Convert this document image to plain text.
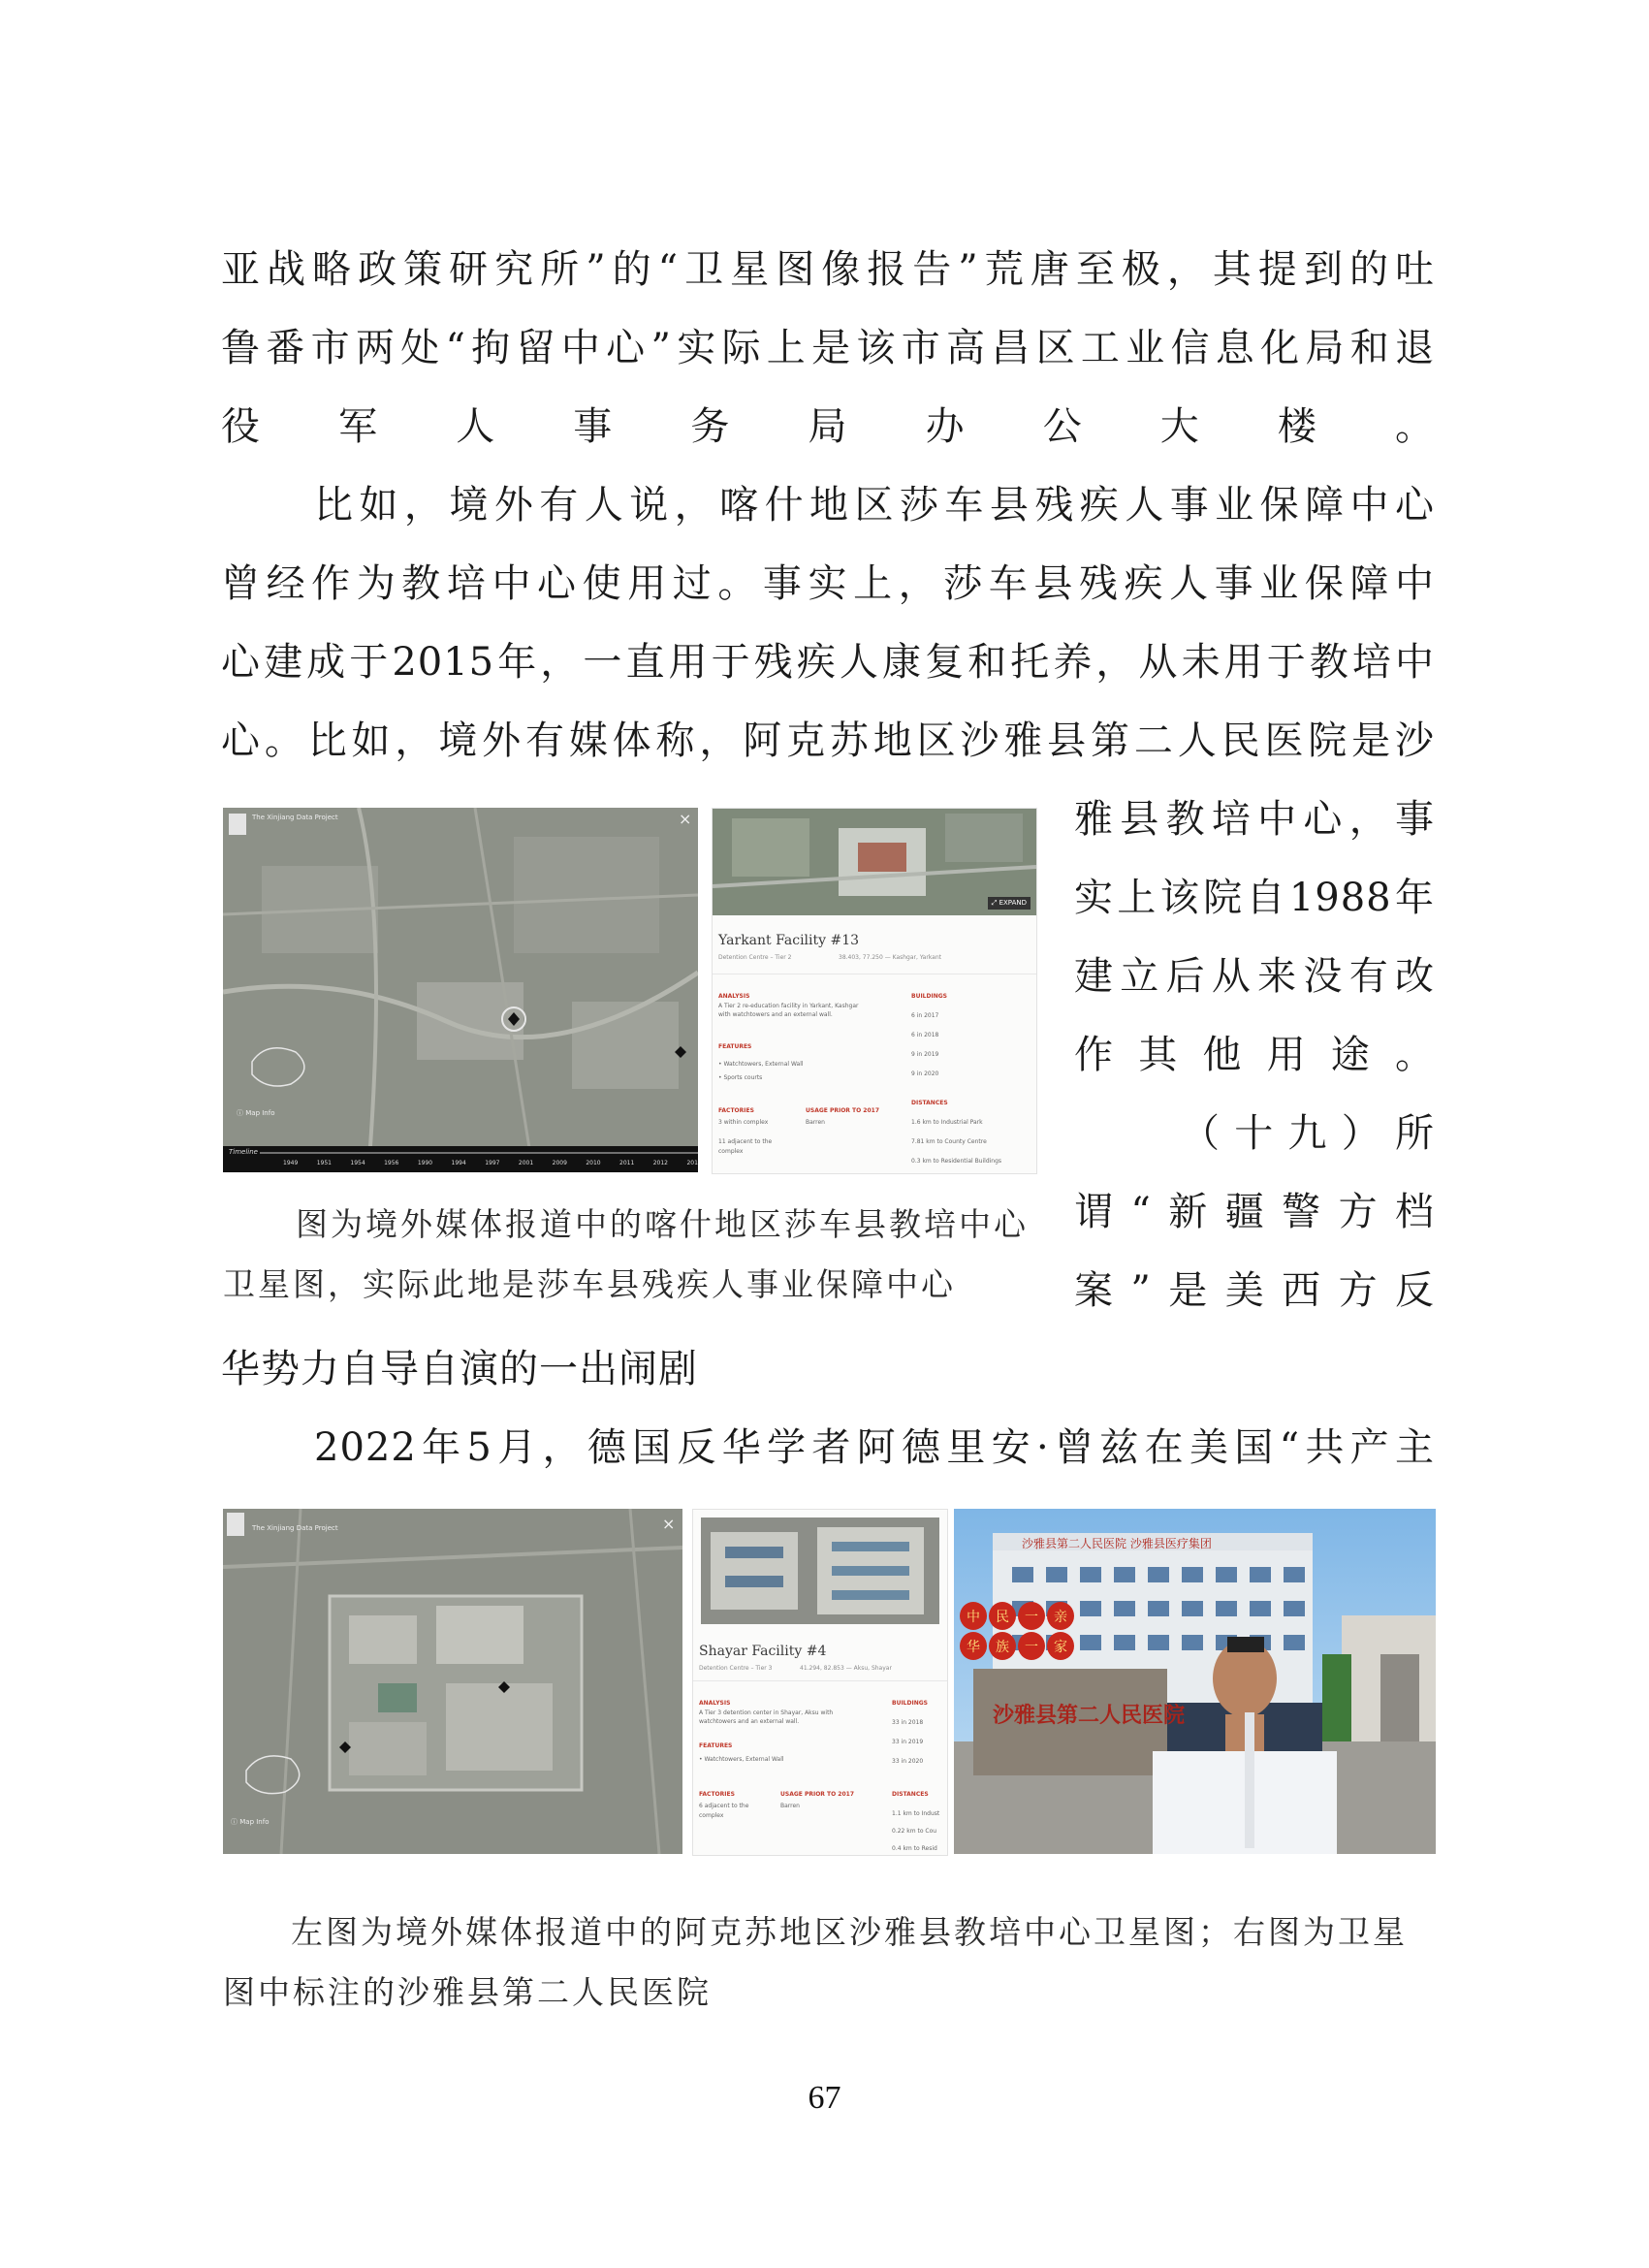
亚战略政策研究所”的“卫星图像报告”荒唐至极，其提到的吐
鲁番市两处“拘留中心”实际上是该市高昌区工业信息化局和退
役军人事务局办公大楼。
比如，境外有人说，喀什地区莎车县残疾人事业保障中心
曾经作为教培中心使用过。事实上，莎车县残疾人事业保障中
心建成于2015年，一直用于残疾人康复和托养，从未用于教培中
心。比如，境外有媒体称，阿克苏地区沙雅县第二人民医院是沙
雅县教培中心，事
实上该院自1988年
建立后从来没有改
作其他用途。
（十九）所
谓“新疆警方档
案”是美西方反
The Xinjiang Data Project	×
ⓘ Map Info
Timeline
1949	1951	1954	1956	1990	1994	1997	2001	2009	2010	2011	2012	201
⤢ EXPAND
Yarkant Facility #13
Detention Centre – Tier 2	38.403, 77.250 — Kashgar, Yarkant
ANALYSIS
A Tier 2 re-education facility in Yarkant, Kashgar
with watchtowers and an external wall.
FEATURES
• Watchtowers, External Wall
• Sports courts
FACTORIES
3 within complex
11 adjacent to the
complex
USAGE PRIOR TO 2017
Barren
BUILDINGS
6 in 2017
6 in 2018
9 in 2019
9 in 2020
DISTANCES
1.6 km to Industrial Park
7.81 km to County Centre
0.3 km to Residential Buildings
图为境外媒体报道中的喀什地区莎车县教培中心
卫星图，实际此地是莎车县残疾人事业保障中心
华势力自导自演的一出闹剧
2022年5月，德国反华学者阿德里安·曾兹在美国“共产主
The Xinjiang Data Project	×
ⓘ Map Info
Shayar Facility #4
Detention Centre – Tier 3	41.294, 82.853 — Aksu, Shayar
ANALYSIS
A Tier 3 detention center in Shayar, Aksu with
watchtowers and an external wall.
FEATURES
• Watchtowers, External Wall
FACTORIES
6 adjacent to the
complex
USAGE PRIOR TO 2017
Barren
BUILDINGS
33 in 2018
33 in 2019
33 in 2020
DISTANCES
1.1 km to Indust
0.22 km to Cou
0.4 km to Resid
沙雅县第二人民医院 沙雅县医疗集团
中	民	一	亲
华	族	一	家
沙雅县第二人民医院
左图为境外媒体报道中的阿克苏地区沙雅县教培中心卫星图；右图为卫星
图中标注的沙雅县第二人民医院
67
